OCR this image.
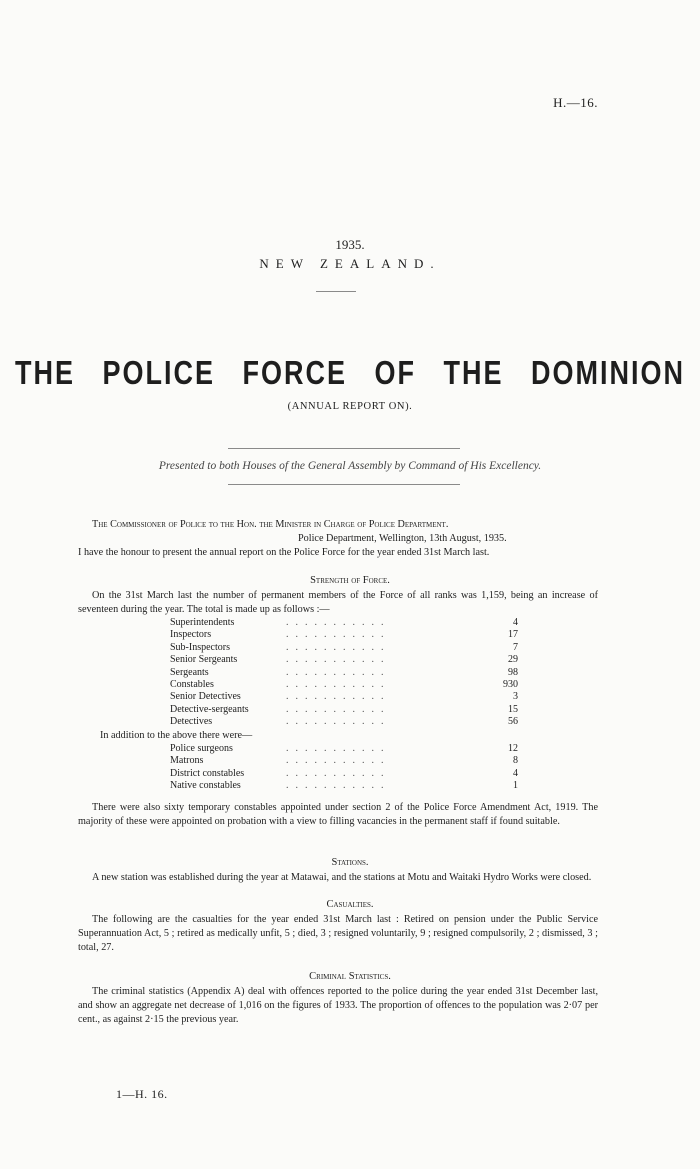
H.—16.
1935.
NEW ZEALAND.
THE POLICE FORCE OF THE DOMINION
(ANNUAL REPORT ON).
Presented to both Houses of the General Assembly by Command of His Excellency.
The Commissioner of Police to the Hon. the Minister in Charge of Police Department.
Police Department, Wellington, 13th August, 1935.
I have the honour to present the annual report on the Police Force for the year ended 31st March last.
Strength of Force.
On the 31st March last the number of permanent members of the Force of all ranks was 1,159, being an increase of seventeen during the year. The total is made up as follows :—
Superintendents	...........	4
Inspectors	...........	17
Sub-Inspectors	...........	7
Senior Sergeants	...........	29
Sergeants	...........	98
Constables	...........	930
Senior Detectives	...........	3
Detective-sergeants	...........	15
Detectives	...........	56
In addition to the above there were—
Police surgeons	...........	12
Matrons	...........	8
District constables	...........	4
Native constables	...........	1
There were also sixty temporary constables appointed under section 2 of the Police Force Amendment Act, 1919. The majority of these were appointed on probation with a view to filling vacancies in the permanent staff if found suitable.
Stations.
A new station was established during the year at Matawai, and the stations at Motu and Waitaki Hydro Works were closed.
Casualties.
The following are the casualties for the year ended 31st March last : Retired on pension under the Public Service Superannuation Act, 5 ; retired as medically unfit, 5 ; died, 3 ; resigned voluntarily, 9 ; resigned compulsorily, 2 ; dismissed, 3 ; total, 27.
Criminal Statistics.
The criminal statistics (Appendix A) deal with offences reported to the police during the year ended 31st December last, and show an aggregate net decrease of 1,016 on the figures of 1933. The proportion of offences to the population was 2·07 per cent., as against 2·15 the previous year.
1—H. 16.
